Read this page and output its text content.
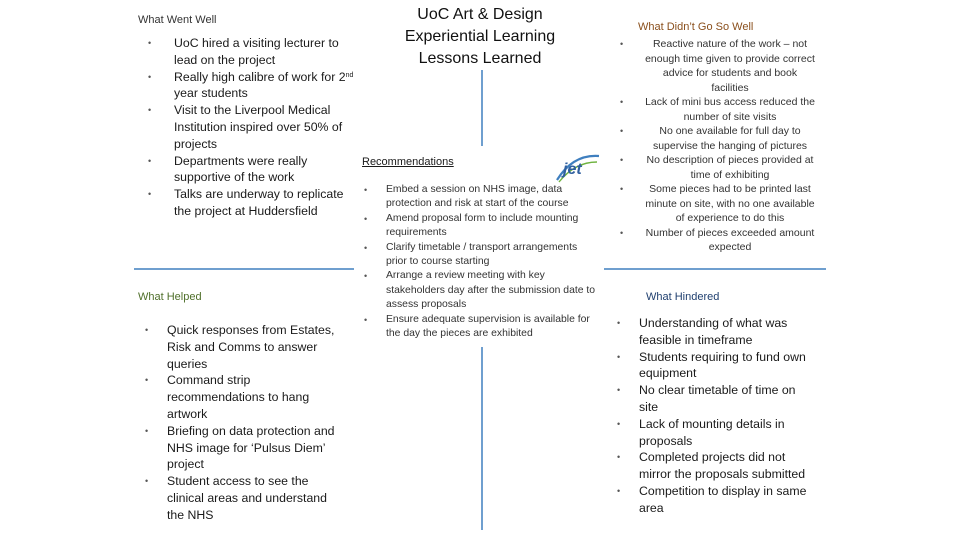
UoC Art & Design
Experiential Learning
Lessons Learned
What Went Well
• UoC hired a visiting lecturer to lead on the project
• Really high calibre of work for 2nd year students
• Visit to the Liverpool Medical Institution inspired over 50% of projects
• Departments were really supportive of the work
• Talks are underway to replicate the project at Huddersfield
What Didn’t Go So Well
• Reactive nature of the work – not enough time given to provide correct advice for students and book facilities
• Lack of mini bus access reduced the number of site visits
• No one available for full day to supervise the hanging of pictures
• No description of pieces provided at time of exhibiting
• Some pieces had to be printed last minute on site, with no one available of experience to do this
• Number of pieces exceeded amount expected
Recommendations	jet
• Embed a session on NHS image, data protection and risk at start of the course
• Amend proposal form to include mounting requirements
• Clarify timetable / transport arrangements prior to course starting
• Arrange a review meeting with key stakeholders day after the submission date to assess proposals
• Ensure adequate supervision is available for the day the pieces are exhibited
What Helped
• Quick responses from Estates, Risk and Comms to answer queries
• Command strip recommendations to hang artwork
• Briefing on data protection and NHS image for ‘Pulsus Diem’ project
• Student access to see the clinical areas and understand the NHS
What Hindered
• Understanding of what was feasible in timeframe
• Students requiring to fund own equipment
• No clear timetable of time on site
• Lack of mounting details in proposals
• Completed projects did not mirror the proposals submitted
• Competition to display in same area
